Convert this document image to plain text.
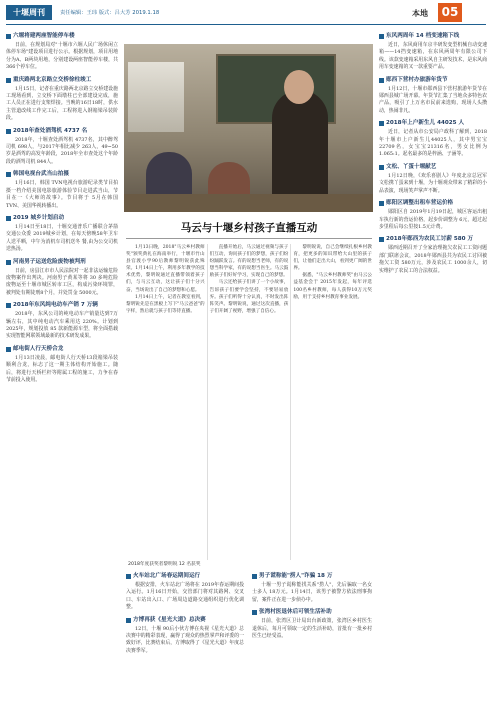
十堰周刊	责任编辑：王玮 版式：吕大芳 2019.1.18	本地	05
六堰将建两座智能停车楼
日前，在规划局对"十堰市六堰人民广场休闲立体停车场"建设项目进行公示。根据规划，项目用地分为A、B两块用地，分别建设两座智能停车楼，共366个停车位。
重庆路两北京路立交桥徐柱竣工
1月15日，记者在重庆路两北京路立交桥建设施工现场看到，立交桥下面墩柱已全部建设完成，施工人员正在进行支架焊接。当晚的16日18时，供水主管道改线工作完工后，工程将进入钢箱梁吊装阶段。
2018年查处酒驾机 4737 名
2018年，十堰查处酒驾机 4737名，其中醉驾司机 698人，与2017年相比减少 263人，49~50岁是酒驾的高发年龄段，2018年全市查处这个年龄段的酒驾司机 844人。
韩国电视台武当山拍摄
1月16日，韩国 TVN电视台旅游纪录类节目拍摄一档介绍美国电影旅游体验节目走进武当山，节目在一《大师的故事》。节目将于 5月在韩国 TVN、美国华视转播出。
2019 城乡计划启动
1月14日至18日，十堰交通普乐广播联合茅箭交通公众委 2019城乡计划，在每天傍晚58年卫车人送平晒，中午为消机车司机送冬 餐,由为公交司机送热汤。
河南男子运送危险废物被判刑
日前，房县江市市人民法院对一起非法运输危险废物案作出判决。河南男子黄某等将 30 多吨危险废物运至十堰市城区转市工区，构成污染环境罪，被判处有期徒刑8个月，并处罚金 5000元。
2018年东风纯电动车产销 7 万辆
2018年，东风公司的纯电动车产销量达到7万辆左右，其中纯电动汽车乘用达 220%。计划到2025年，规划投放 85 款新能源车型，将全面搭载实现智能网联领域最新的技术研发成果。
邮电街人行天桥合龙
1月13日凌晨，邮电街人行天桥13段箱梁吊装顺利合龙，标志了这一期主体结构开始施工。随后，将进行天桥栏杆等附属工程的施工，力争在春节前投入使用。
马云与十堰乡村孩子直播互动
1月13日晚，2018"马云乡村教师奖"颁奖典礼在海南举行，十堰市竹山县官渡小学90后教师黎明锐获此殊荣。1月14日上午，利用多年教学的技术优势，黎明锐通过直播带领着孩子们，与马云互动，这让孩子们十分兴奋，当场说出了自己的梦想和心愿。
1月14日上午，记者在教室看到，黎明锐先是在黑板上写下"马云爸爸"的字样，然后就与孩子们等待直播。
直播开始后，马云通过视频与孩子们互动，询问孩子们的梦想，孩子们纷纷踊跃发言。有的说想当老师，有的说想当科学家，有的说想当医生。马云鼓励孩子们好好学习，实现自己的梦想。
马云还给孩子们讲了一个小故事，告诉孩子们要学会坚持，不要轻易放弃。孩子们听得十分认真，不时发出阵阵笑声。黎明锐说，通过这次直播，孩子们开阔了视野，增强了自信心。
黎明锐说，自己会继续扎根乡村教育，把更多的知识带给大山里的孩子们，让他们走出大山，看到更广阔的世界。
据悉，"马云乡村教师奖"由马云公益基金会于 2015年发起，每年评选 100名乡村教师，每人获得10万元奖励，用于支持乡村教育事业发展。
2018年度获奖者黎明锐 12 名获奖
火车站北广场春运期间运行
根据安排，火车站北广场将在 2019年春运期间投入运行。1月16日开始，交管部门将对其路网、交叉口、车站出入口、广场周边道路交通组织进行优化调整。
方博再获《星光大道》总决赛
12日，十堰 90后小伙方博在央视《星光大道》总决赛中的精彩表现，赢得了观众的热烈掌声和评委的一致好评，比赛结束后，方博取得了《星光大道》年度总决赛季军。
男子谎称能"捞人"诈骗 18 万
十堰一男子谎称能找关系"捞人"，先后骗取一名女士多人 18万元。1月14日，该男子被警方依法刑事拘留，案件正在进一步侦办中。
张湾村医退休后可领生活补助
日前，张湾区卫计局出台新政策，张湾区乡村医生退休后，每月可领取一定的生活补助，首批有一批乡村医生已经受益。
东风两周年 14 档变速箱下线
近日，东风商用车京丰研发变型机械自动变速箱——14挡变速箱，在东风两周年有限公司下线。该款变速箱采用东风自主研发技术，是东风商用车变速箱的又一款重要产品。
郧西下营村办旅游年货节
1月12日，十堰市郧西县下营村旅游年货节在郧西县城广场开幕。年货节汇集了当地众多特色农产品，吸引了上万名市民前来选购，现场人头攒动，热闹非凡。
2018年上户新生儿 44025 人
近日，记者从市公安局户政科了解到，2018年十堰市上户新生儿44025人，其中男宝宝22709名，女宝宝21316名，男女比例为1.065:1。起名最多的是梓涵、子涵等。
文松、丫蛋十堰献艺
1月12日晚，《欢乐喜剧人》年度北京总冠军文松携丫蛋来到十堰，为十堰观众带来了精彩的小品表演，现场笑声掌声不断。
郧阳区调整出租车营运价格
郧阳区自 2019年1月19日起，城区客运出租车执行新的营运价格，起步价调整为 6元，超过起步里程后每公里按1.5元计费。
2018年郧西为农民工讨薪 580 万
郧西近期召开了全家治理拖欠农民工工资问题部门联席会议，2018年郧西县共为农民工讨回被拖欠工资 580万元，涉及农民工 1000余人，切实维护了农民工的合法权益。
